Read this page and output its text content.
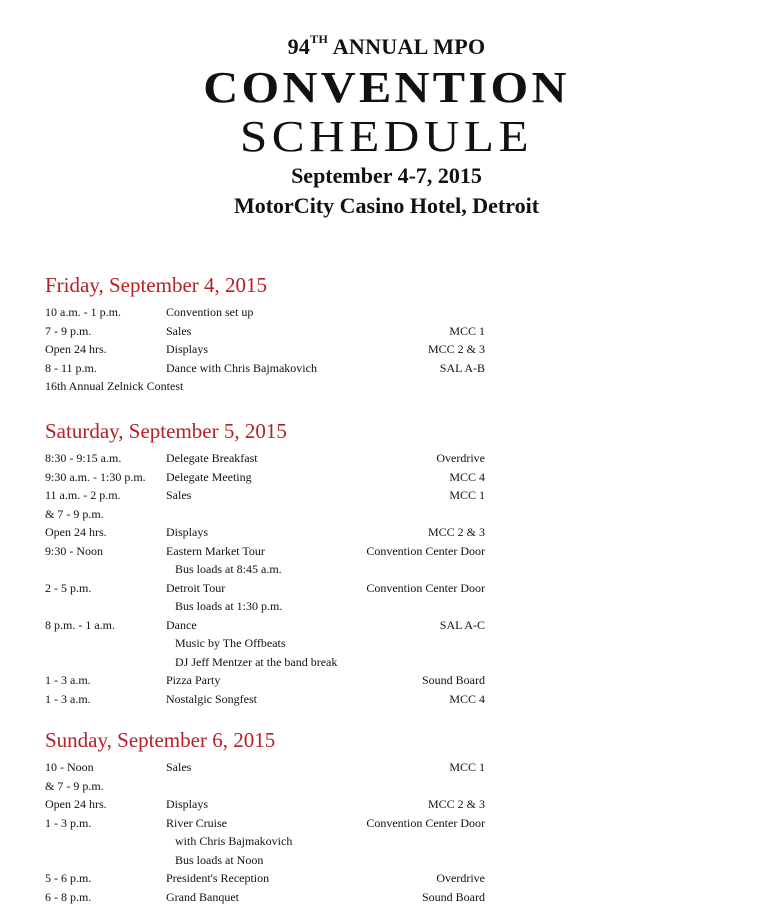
94TH ANNUAL MPO
CONVENTION
SCHEDULE
September 4-7, 2015
MotorCity Casino Hotel, Detroit
Friday, September 4, 2015
10 a.m. - 1 p.m.	Convention set up
7 - 9 p.m.	Sales	MCC 1
Open 24 hrs.	Displays	MCC 2 & 3
8 - 11 p.m.	Dance with Chris Bajmakovich	SAL A-B
16th Annual Zelnick Contest
Saturday, September 5, 2015
8:30 - 9:15 a.m.	Delegate Breakfast	Overdrive
9:30 a.m. - 1:30 p.m. Delegate Meeting	MCC 4
11 a.m. - 2 p.m.	Sales	MCC 1
& 7 - 9 p.m.
Open 24 hrs.	Displays	MCC 2 & 3
9:30 - Noon	Eastern Market Tour	Convention Center Door
Bus loads at 8:45 a.m.
2 - 5 p.m.	Detroit Tour	Convention Center Door
Bus loads at 1:30 p.m.
8 p.m. - 1 a.m.	Dance	SAL A-C
Music by The Offbeats
DJ Jeff Mentzer at the band break
1 - 3 a.m.	Pizza Party	Sound Board
1 - 3 a.m.	Nostalgic Songfest	MCC 4
Sunday, September 6, 2015
10 - Noon	Sales	MCC 1
& 7 - 9 p.m.
Open 24 hrs.	Displays	MCC 2 & 3
1 - 3 p.m.	River Cruise	Convention Center Door
with Chris Bajmakovich
Bus loads at Noon
5 - 6 p.m.	President's Reception	Overdrive
6 - 8 p.m.	Grand Banquet	Sound Board
